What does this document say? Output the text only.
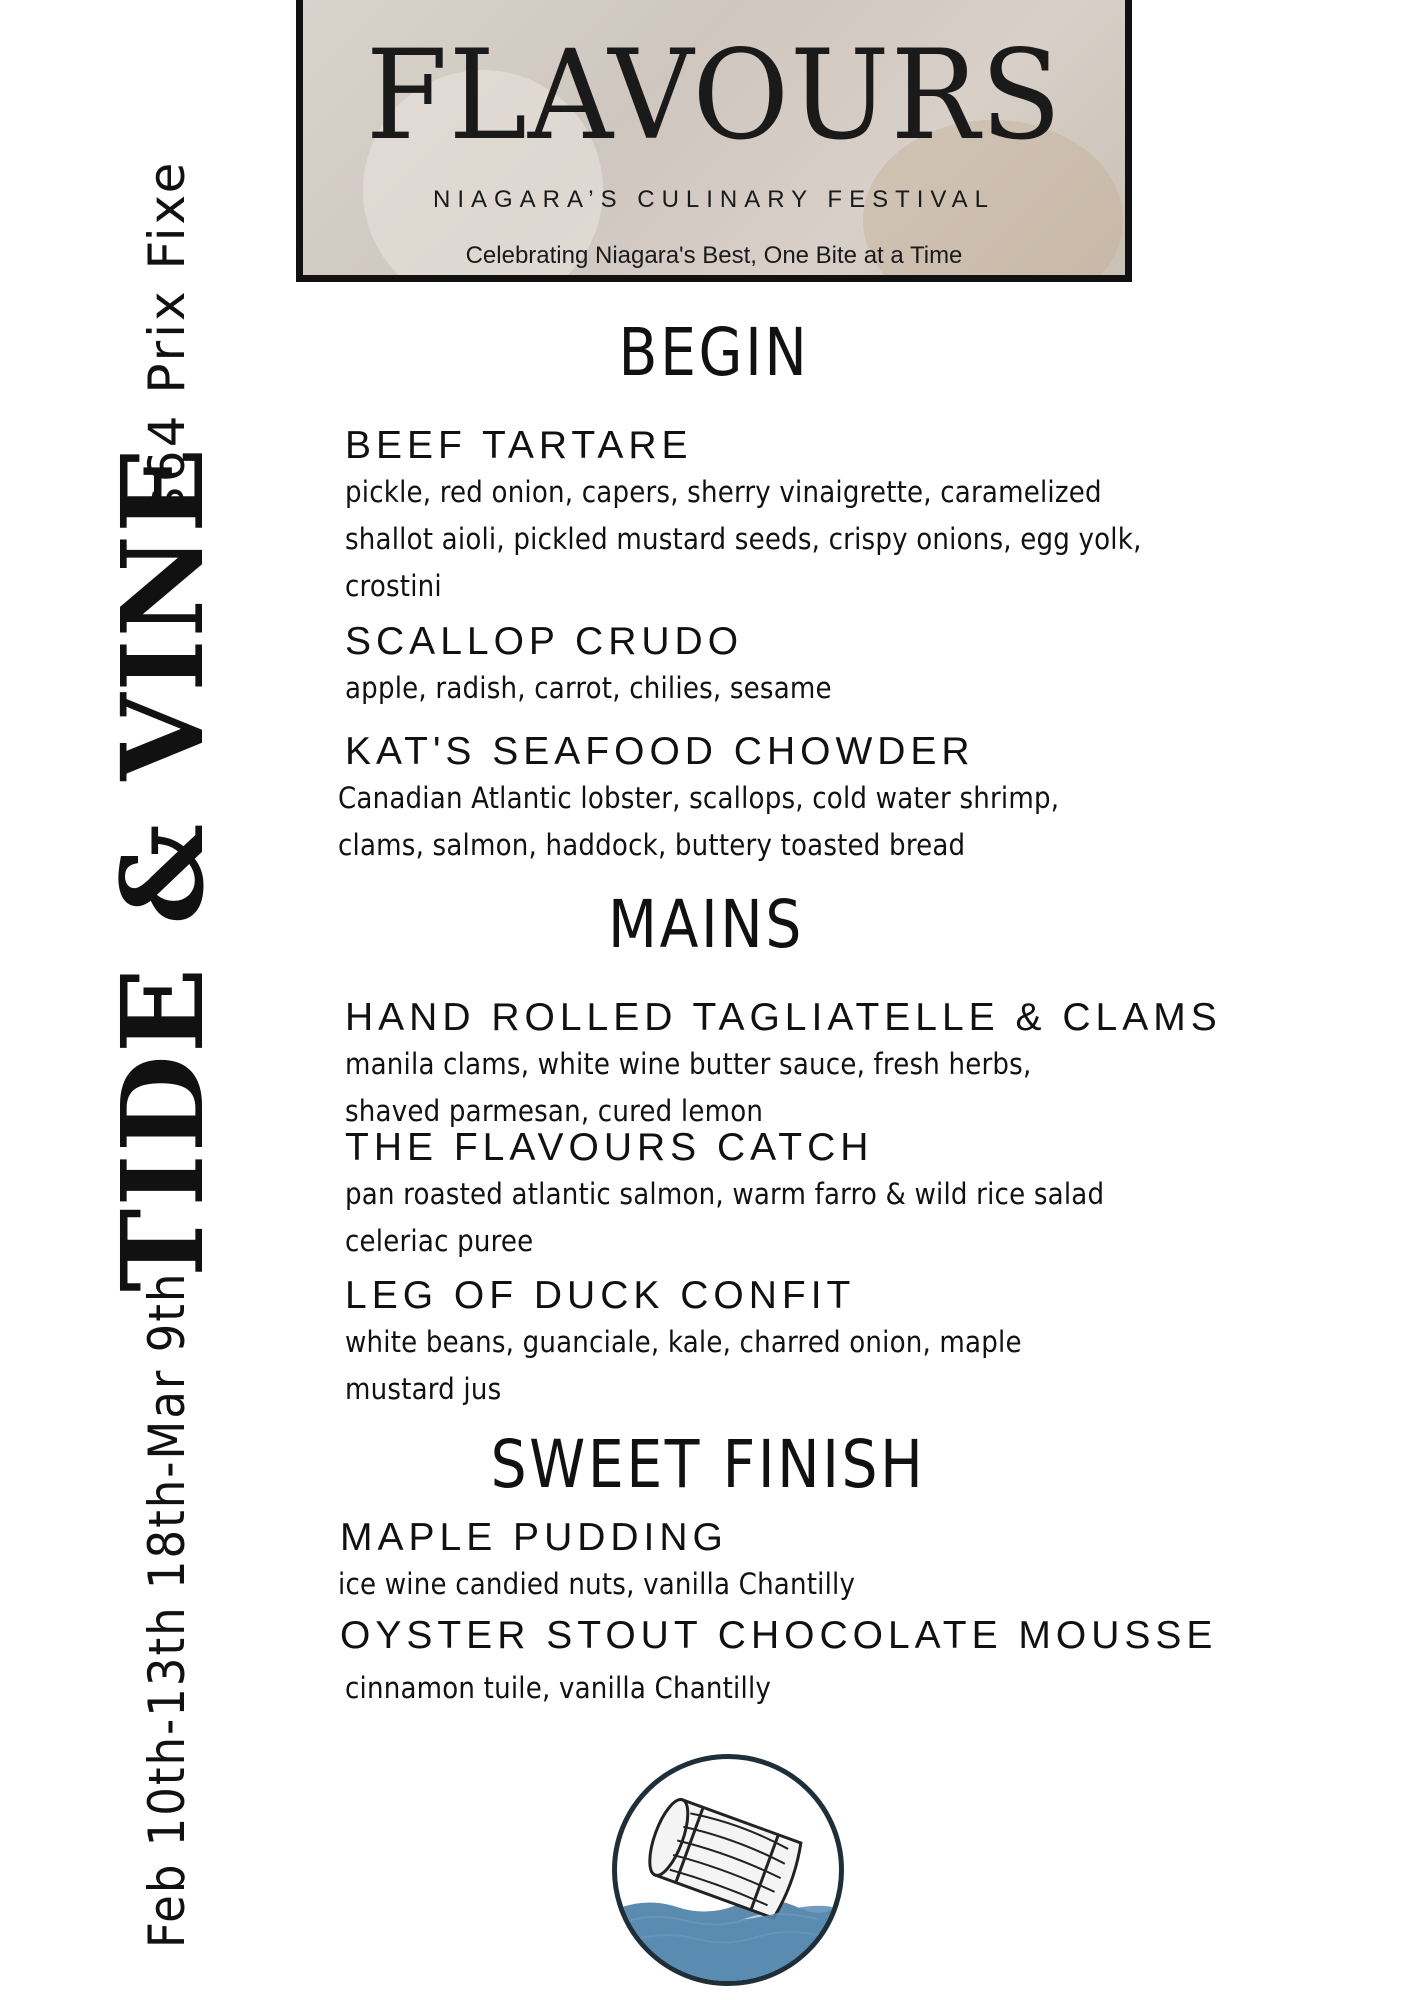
FLAVOURS
NIAGARA’S CULINARY FESTIVAL
Celebrating Niagara's Best, One Bite at a Time
Feb 10th-13th 18th-Mar 9th
TIDE & VINE
$64 Prix Fixe	BEGIN
BEEF TARTARE
pickle, red onion, capers, sherry vinaigrette, caramelized shallot aioli, pickled mustard seeds, crispy onions, egg yolk, crostini
SCALLOP CRUDO
apple, radish, carrot, chilies, sesame
KAT'S SEAFOOD CHOWDER
Canadian Atlantic lobster, scallops, cold water shrimp, clams, salmon, haddock, buttery toasted bread
MAINS
HAND ROLLED TAGLIATELLE & CLAMS
manila clams, white wine butter sauce, fresh herbs, shaved parmesan, cured lemon
THE FLAVOURS CATCH
pan roasted atlantic salmon, warm farro & wild rice salad celeriac puree
LEG OF DUCK CONFIT
white beans, guanciale, kale, charred onion, maple mustard jus
SWEET FINISH
MAPLE PUDDING
ice wine candied nuts, vanilla Chantilly
OYSTER STOUT CHOCOLATE MOUSSE
cinnamon tuile, vanilla Chantilly
